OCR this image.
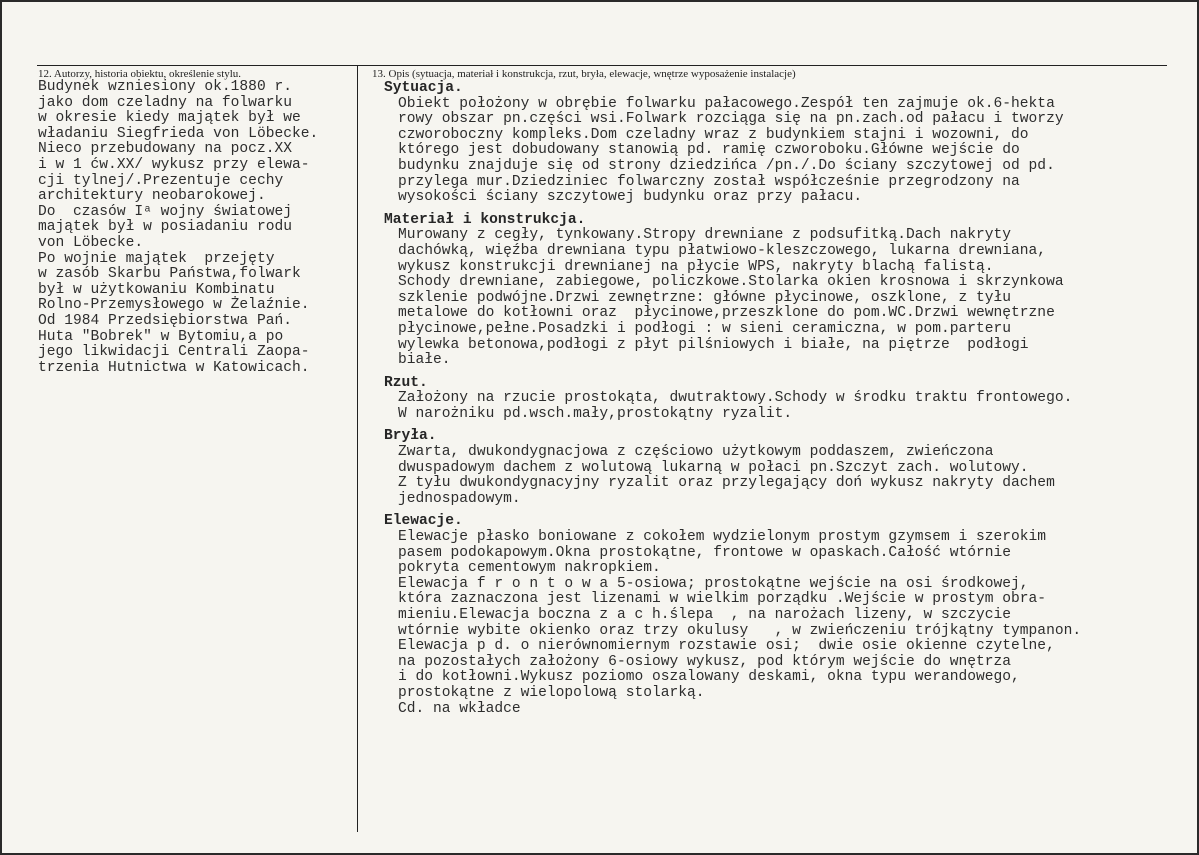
12. Autorzy, historia obiektu, określenie stylu.	13. Opis (sytuacja, materiał i konstrukcja, rzut, bryła, elewacje, wnętrze wyposażenie instalacje)
Budynek wzniesiony ok.1880 r.
jako dom czeladny na folwarku
w okresie kiedy majątek był we
władaniu Siegfrieda von Löbecke.
Nieco przebudowany na pocz.XX
i w 1 ćw.XX/ wykusz przy elewa-
cji tylnej/.Prezentuje cechy
architektury neobarokowej.
Do  czasów Iᵃ wojny światowej
majątek był w posiadaniu rodu
von Löbecke.
Po wojnie majątek  przejęty
w zasób Skarbu Państwa,folwark
był w użytkowaniu Kombinatu
Rolno-Przemysłowego w Żelaźnie.
Od 1984 Przedsiębiorstwa Pań.
Huta "Bobrek" w Bytomiu,a po
jego likwidacji Centrali Zaopa-
trzenia Hutnictwa w Katowicach.
Sytuacja.
Obiekt położony w obrębie folwarku pałacowego.Zespół ten zajmuje ok.6-hekta
rowy obszar pn.części wsi.Folwark rozciąga się na pn.zach.od pałacu i tworzy
czworoboczny kompleks.Dom czeladny wraz z budynkiem stajni i wozowni, do
którego jest dobudowany stanowią pd. ramię czworoboku.Główne wejście do
budynku znajduje się od strony dziedzińca /pn./.Do ściany szczytowej od pd.
przylega mur.Dziedziniec folwarczny został współcześnie przegrodzony na
wysokości ściany szczytowej budynku oraz przy pałacu.
Materiał i konstrukcja.
Murowany z cegły, tynkowany.Stropy drewniane z podsufitką.Dach nakryty
dachówką, więźba drewniana typu płatwiowo-kleszczowego, lukarna drewniana,
wykusz konstrukcji drewnianej na płycie WPS, nakryty blachą falistą.
Schody drewniane, zabiegowe, policzkowe.Stolarka okien krosnowa i skrzynkowa
szklenie podwójne.Drzwi zewnętrzne: główne płycinowe, oszklone, z tyłu
metalowe do kotłowni oraz  płycinowe,przeszklone do pom.WC.Drzwi wewnętrzne
płycinowe,pełne.Posadzki i podłogi : w sieni ceramiczna, w pom.parteru
wylewka betonowa,podłogi z płyt pilśniowych i białe, na piętrze  podłogi
białe.
Rzut.
Założony na rzucie prostokąta, dwutraktowy.Schody w środku traktu frontowego.
W narożniku pd.wsch.mały,prostokątny ryzalit.
Bryła.
Zwarta, dwukondygnacjowa z częściowo użytkowym poddaszem, zwieńczona
dwuspadowym dachem z wolutową lukarną w połaci pn.Szczyt zach. wolutowy.
Z tyłu dwukondygnacyjny ryzalit oraz przylegający doń wykusz nakryty dachem
jednospadowym.
Elewacje.
Elewacje płasko boniowane z cokołem wydzielonym prostym gzymsem i szerokim
pasem podokapowym.Okna prostokątne, frontowe w opaskach.Całość wtórnie
pokryta cementowym nakropkiem.
Elewacja f r o n t o w a 5-osiowa; prostokątne wejście na osi środkowej,
która zaznaczona jest lizenami w wielkim porządku .Wejście w prostym obra-
mieniu.Elewacja boczna z a c h.ślepa  , na narożach lizeny, w szczycie
wtórnie wybite okienko oraz trzy okulusy   , w zwieńczeniu trójkątny tympanon.
Elewacja p d. o nierównomiernym rozstawie osi;  dwie osie okienne czytelne,
na pozostałych założony 6-osiowy wykusz, pod którym wejście do wnętrza
i do kotłowni.Wykusz poziomo oszalowany deskami, okna typu werandowego,
prostokątne z wielopolową stolarką.
Cd. na wkładce
